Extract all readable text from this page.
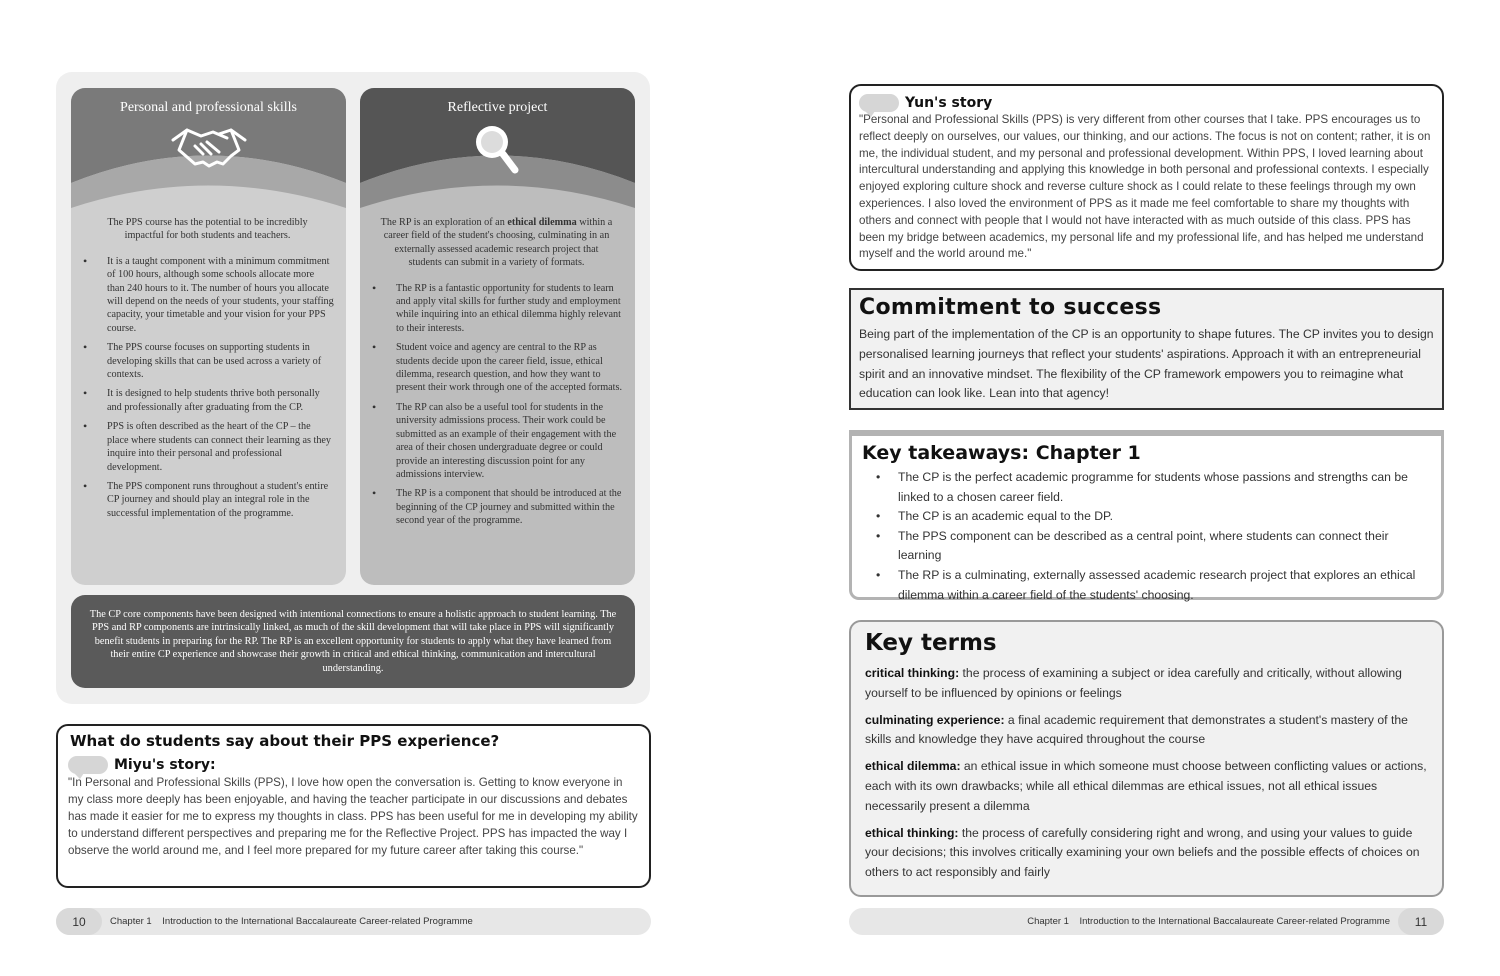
Personal and professional skills

The PPS course has the potential to be incredibly impactful for both students and teachers.

• It is a taught component with a minimum commitment of 100 hours, although some schools allocate more than 240 hours to it. The number of hours you allocate will depend on the needs of your students, your staffing capacity, your timetable and your vision for your PPS course.
• The PPS course focuses on supporting students in developing skills that can be used across a variety of contexts.
• It is designed to help students thrive both personally and professionally after graduating from the CP.
• PPS is often described as the heart of the CP – the place where students can connect their learning as they inquire into their personal and professional development.
• The PPS component runs throughout a student's entire CP journey and should play an integral role in the successful implementation of the programme.
Reflective project

The RP is an exploration of an ethical dilemma within a career field of the student's choosing, culminating in an externally assessed academic research project that students can submit in a variety of formats.

• The RP is a fantastic opportunity for students to learn and apply vital skills for further study and employment while inquiring into an ethical dilemma highly relevant to their interests.
• Student voice and agency are central to the RP as students decide upon the career field, issue, ethical dilemma, research question, and how they want to present their work through one of the accepted formats.
• The RP can also be a useful tool for students in the university admissions process. Their work could be submitted as an example of their engagement with the area of their chosen undergraduate degree or could provide an interesting discussion point for any admissions interview.
• The RP is a component that should be introduced at the beginning of the CP journey and submitted within the second year of the programme.
The CP core components have been designed with intentional connections to ensure a holistic approach to student learning. The PPS and RP components are intrinsically linked, as much of the skill development that will take place in PPS will significantly benefit students in preparing for the RP. The RP is an excellent opportunity for students to apply what they have learned from their entire CP experience and showcase their growth in critical and ethical thinking, communication and intercultural understanding.
What do students say about their PPS experience?
Miyu's story:

"In Personal and Professional Skills (PPS), I love how open the conversation is. Getting to know everyone in my class more deeply has been enjoyable, and having the teacher participate in our discussions and debates has made it easier for me to express my thoughts in class. PPS has been useful for me in developing my ability to understand different perspectives and preparing me for the Reflective Project. PPS has impacted the way I observe the world around me, and I feel more prepared for my future career after taking this course."

10	Chapter 1    Introduction to the International Baccalaureate Career-related Programme
Yun's story

"Personal and Professional Skills (PPS) is very different from other courses that I take. PPS encourages us to reflect deeply on ourselves, our values, our thinking, and our actions. The focus is not on content; rather, it is on me, the individual student, and my personal and professional development. Within PPS, I loved learning about intercultural understanding and applying this knowledge in both personal and professional contexts. I especially enjoyed exploring culture shock and reverse culture shock as I could relate to these feelings through my own experiences. I also loved the environment of PPS as it made me feel comfortable to share my thoughts with others and connect with people that I would not have interacted with as much outside of this class. PPS has been my bridge between academics, my personal life and my professional life, and has helped me understand myself and the world around me."

Commitment to success

Being part of the implementation of the CP is an opportunity to shape futures. The CP invites you to design personalised learning journeys that reflect your students' aspirations. Approach it with an entrepreneurial spirit and an innovative mindset. The flexibility of the CP framework empowers you to reimagine what education can look like. Lean into that agency!

Key takeaways: Chapter 1
• The CP is the perfect academic programme for students whose passions and strengths can be linked to a chosen career field.
• The CP is an academic equal to the DP.
• The PPS component can be described as a central point, where students can connect their learning
• The RP is a culminating, externally assessed academic research project that explores an ethical dilemma within a career field of the students' choosing.
Key terms

critical thinking: the process of examining a subject or idea carefully and critically, without allowing yourself to be influenced by opinions or feelings

culminating experience: a final academic requirement that demonstrates a student's mastery of the skills and knowledge they have acquired throughout the course

ethical dilemma: an ethical issue in which someone must choose between conflicting values or actions, each with its own drawbacks; while all ethical dilemmas are ethical issues, not all ethical issues necessarily present a dilemma

ethical thinking: the process of carefully considering right and wrong, and using your values to guide your decisions; this involves critically examining your own beliefs and the possible effects of choices on others to act responsibly and fairly

Chapter 1    Introduction to the International Baccalaureate Career-related Programme	11
